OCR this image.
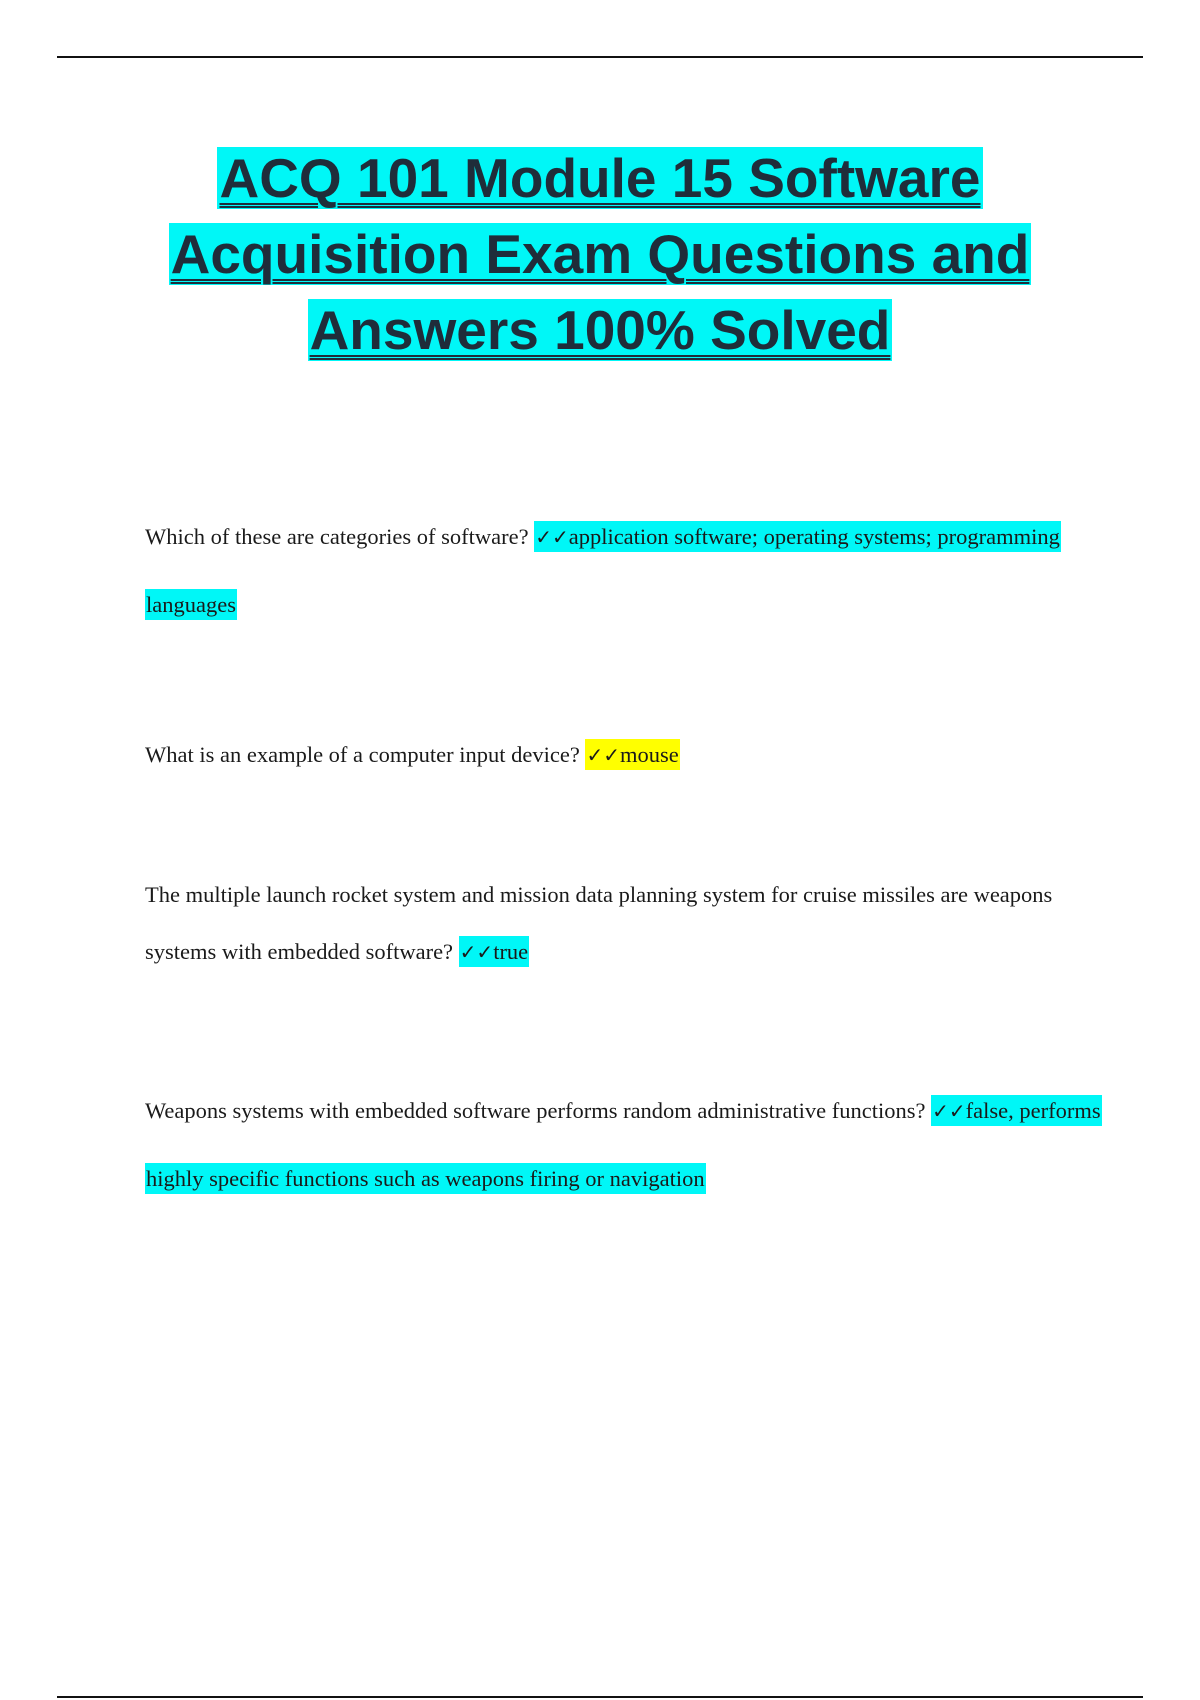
ACQ 101 Module 15 Software Acquisition Exam Questions and Answers 100% Solved
Which of these are categories of software? ✓✓application software; operating systems; programming languages
What is an example of a computer input device? ✓✓mouse
The multiple launch rocket system and mission data planning system for cruise missiles are weapons systems with embedded software? ✓✓true
Weapons systems with embedded software performs random administrative functions? ✓✓false, performs highly specific functions such as weapons firing or navigation
